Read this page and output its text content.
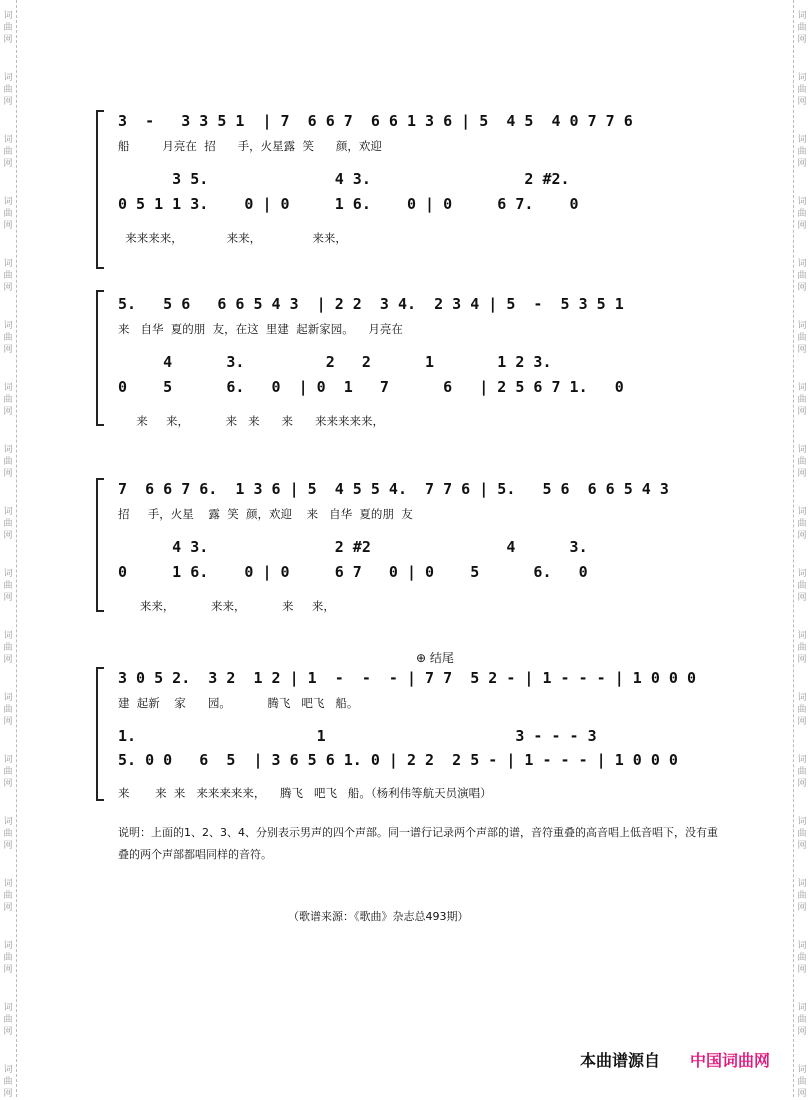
词曲网
词曲网
词曲网
词曲网
词曲网
词曲网
词曲网
词曲网
词曲网
词曲网
词曲网
词曲网
词曲网
词曲网
词曲网
词曲网
词曲网
词曲网
词曲网
词曲网
词曲网
词曲网
词曲网
词曲网
词曲网
词曲网
词曲网
词曲网
词曲网
词曲网
词曲网
词曲网
词曲网
词曲网
词曲网
词曲网
3  -   3 3 5 1  | 7  6 6 7  6 6 1 3 6 | 5  4 5  4 0 7 7 6
船         月亮在  招      手，火星露  笑      颜，欢迎
3 5.              4 3.                 2 #2.
0 5 1 1 3.    0 | 0     1 6.    0 | 0     6 7.    0
来来来来，            来来，              来来，
5.   5 6   6 6 5 4 3  | 2 2  3 4.  2 3 4 | 5  -  5 3 5 1
来   自华  夏的朋  友，在这  里建  起新家园。    月亮在
4      3.         2   2      1       1 2 3.
0    5      6.   0  | 0  1   7      6   | 2 5 6 7 1.   0
来     来，          来   来      来      来来来来来，
7  6 6 7 6.  1 3 6 | 5  4 5 5 4.  7 7 6 | 5.   5 6  6 6 5 4 3
招     手，火星    露  笑  颜，欢迎    来   自华  夏的朋  友
4 3.              2 #2               4      3.
0     1 6.    0 | 0     6 7   0 | 0    5      6.   0
来来，          来来，          来     来，
⊕ 结尾
3 0 5 2.  3 2  1 2 | 1  -  -  - | 7 7  5 2 - | 1 - - - | 1 0 0 0
建  起新    家      园。          腾飞   吧飞   船。
1.                    1                     3 - - - 3
5. 0 0   6  5  | 3 6 5 6 1. 0 | 2 2  2 5 - | 1 - - - | 1 0 0 0
来       来  来   来来来来来，    腾飞   吧飞   船。（杨利伟等航天员演唱）
说明：上面的1、2、3、4、分别表示男声的四个声部。同一谱行记录两个声部的谱，音符重叠的高音唱上低音唱下，没有重叠的两个声部都唱同样的音符。
（歌谱来源：《歌曲》杂志总493期）
本曲谱源自 中国词曲网
